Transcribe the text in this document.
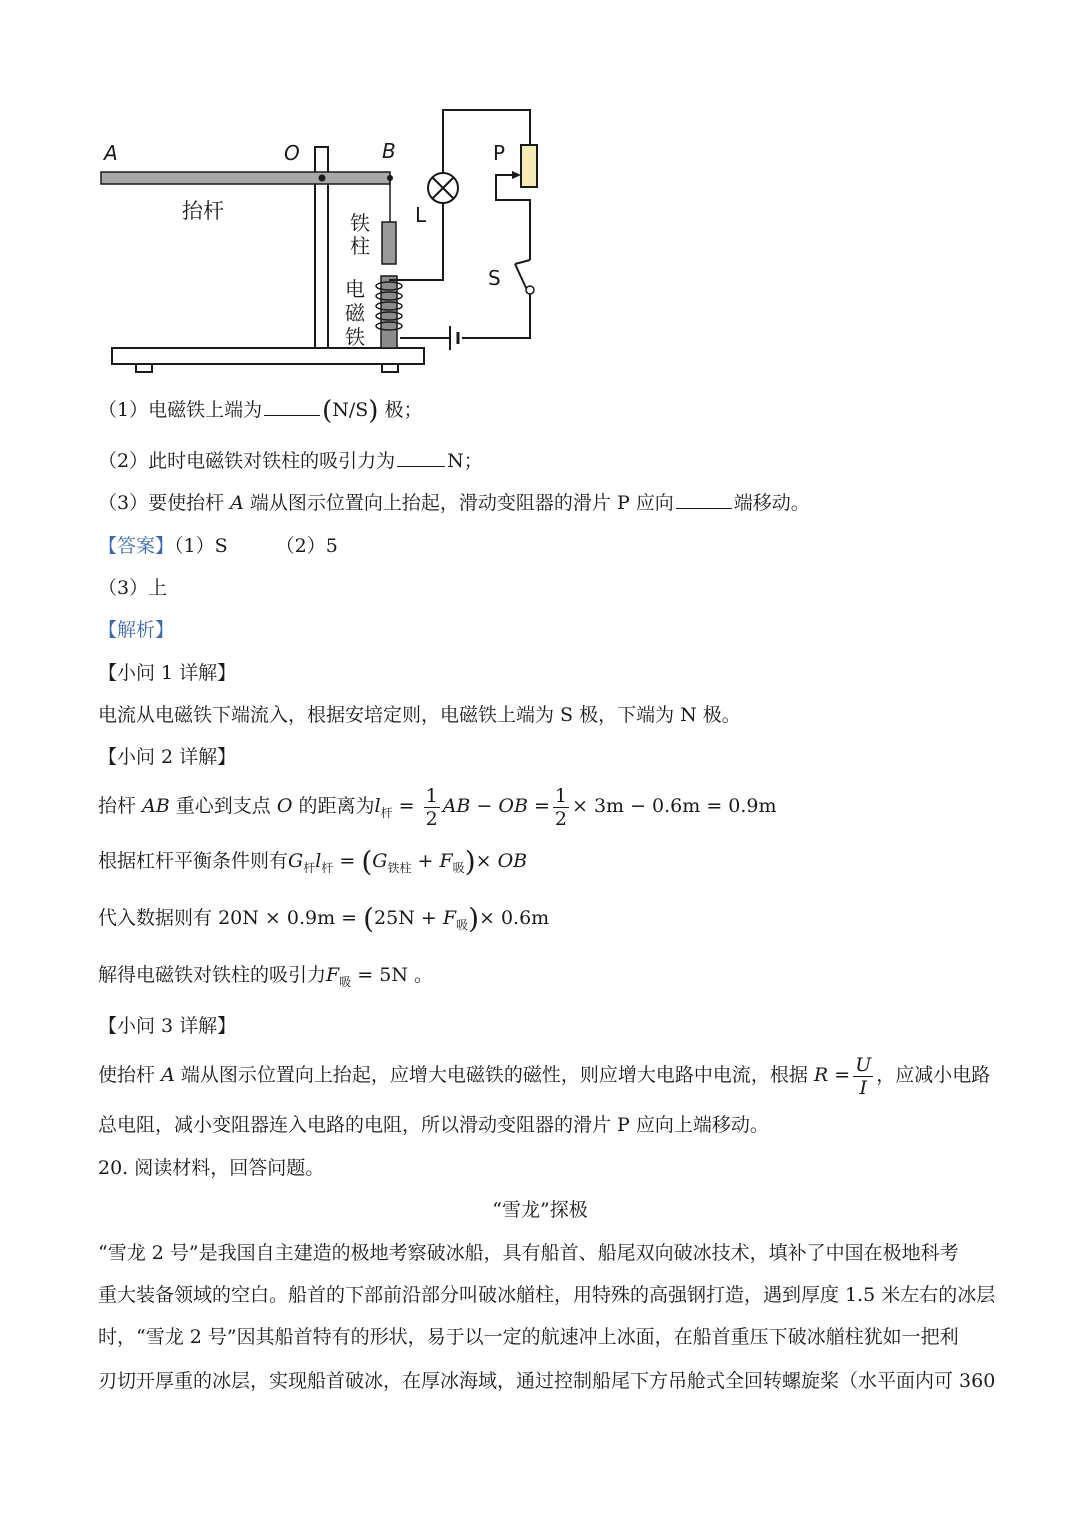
A	O	B	P
L
S
抬杆	铁
柱
电
磁
铁
（1）电磁铁上端为 (N/S) 极；
（2）此时电磁铁对铁柱的吸引力为	N；
（3）要使抬杆 A 端从图示位置向上抬起，滑动变阻器的滑片 P 应向	端移动。
【答案】（1）S	（2）5
（3）上
【解析】
【小问 1 详解】
电流从电磁铁下端流入，根据安培定则，电磁铁上端为 S 极，下端为 N 极。
【小问 2 详解】
抬杆 AB 重心到支点 O 的距离为$l_杆 = \frac{1}{2}$ AB − OB = $\frac{1}{2} \times 3m - 0.6m = 0.9m$
根据杠杆平衡条件则有$G_杆l_杆 = (G_{铁柱} + F_吸)\times$ OB
代入数据则有 $20N \times 0.9m = (25N + F_吸)\times 0.6m$
解得电磁铁对铁柱的吸引力$F_吸 = 5N$ 。
【小问 3 详解】
使抬杆 A 端从图示位置向上抬起，应增大电磁铁的磁性，则应增大电路中电流，根据 $R = \frac{U}{I}$ ，应减小电路
总电阻，减小变阻器连入电路的电阻，所以滑动变阻器的滑片 P 应向上端移动。
20. 阅读材料，回答问题。
“雪龙”探极
“雪龙 2 号”是我国自主建造的极地考察破冰船，具有船首、船尾双向破冰技术，填补了中国在极地科考
重大装备领域的空白。船首的下部前沿部分叫破冰艏柱，用特殊的高强钢打造，遇到厚度 1.5 米左右的冰层
时，“雪龙 2 号”因其船首特有的形状，易于以一定的航速冲上冰面，在船首重压下破冰艏柱犹如一把利
刃切开厚重的冰层，实现船首破冰，在厚冰海域，通过控制船尾下方吊舱式全回转螺旋桨（水平面内可 360
